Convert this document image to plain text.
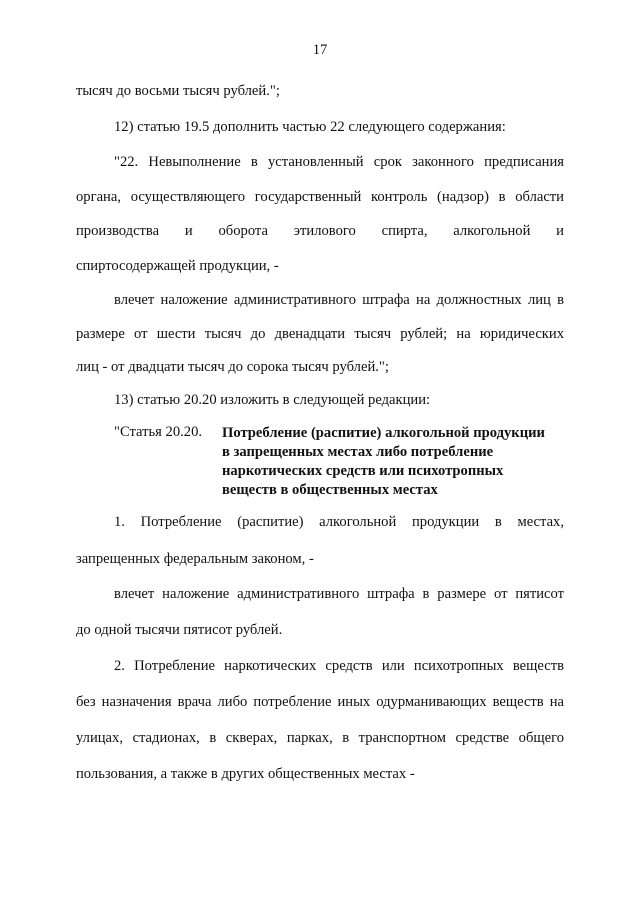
17
тысяч до восьми тысяч рублей.";
12) статью 19.5 дополнить частью 22 следующего содержания:
"22. Невыполнение в установленный срок законного предписания
органа, осуществляющего государственный контроль (надзор) в области
производства и оборота этилового спирта, алкогольной и
спиртосодержащей продукции, -
влечет наложение административного штрафа на должностных лиц в
размере от шести тысяч до двенадцати тысяч рублей; на юридических
лиц - от двадцати тысяч до сорока тысяч рублей.";
13) статью 20.20 изложить в следующей редакции:
"Статья 20.20. Потребление (распитие) алкогольной продукции
в запрещенных местах либо потребление
наркотических средств или психотропных
веществ в общественных местах
1. Потребление (распитие) алкогольной продукции в местах,
запрещенных федеральным законом, -
влечет наложение административного штрафа в размере от пятисот
до одной тысячи пятисот рублей.
2. Потребление наркотических средств или психотропных веществ
без назначения врача либо потребление иных одурманивающих веществ на
улицах, стадионах, в скверах, парках, в транспортном средстве общего
пользования, а также в других общественных местах -
